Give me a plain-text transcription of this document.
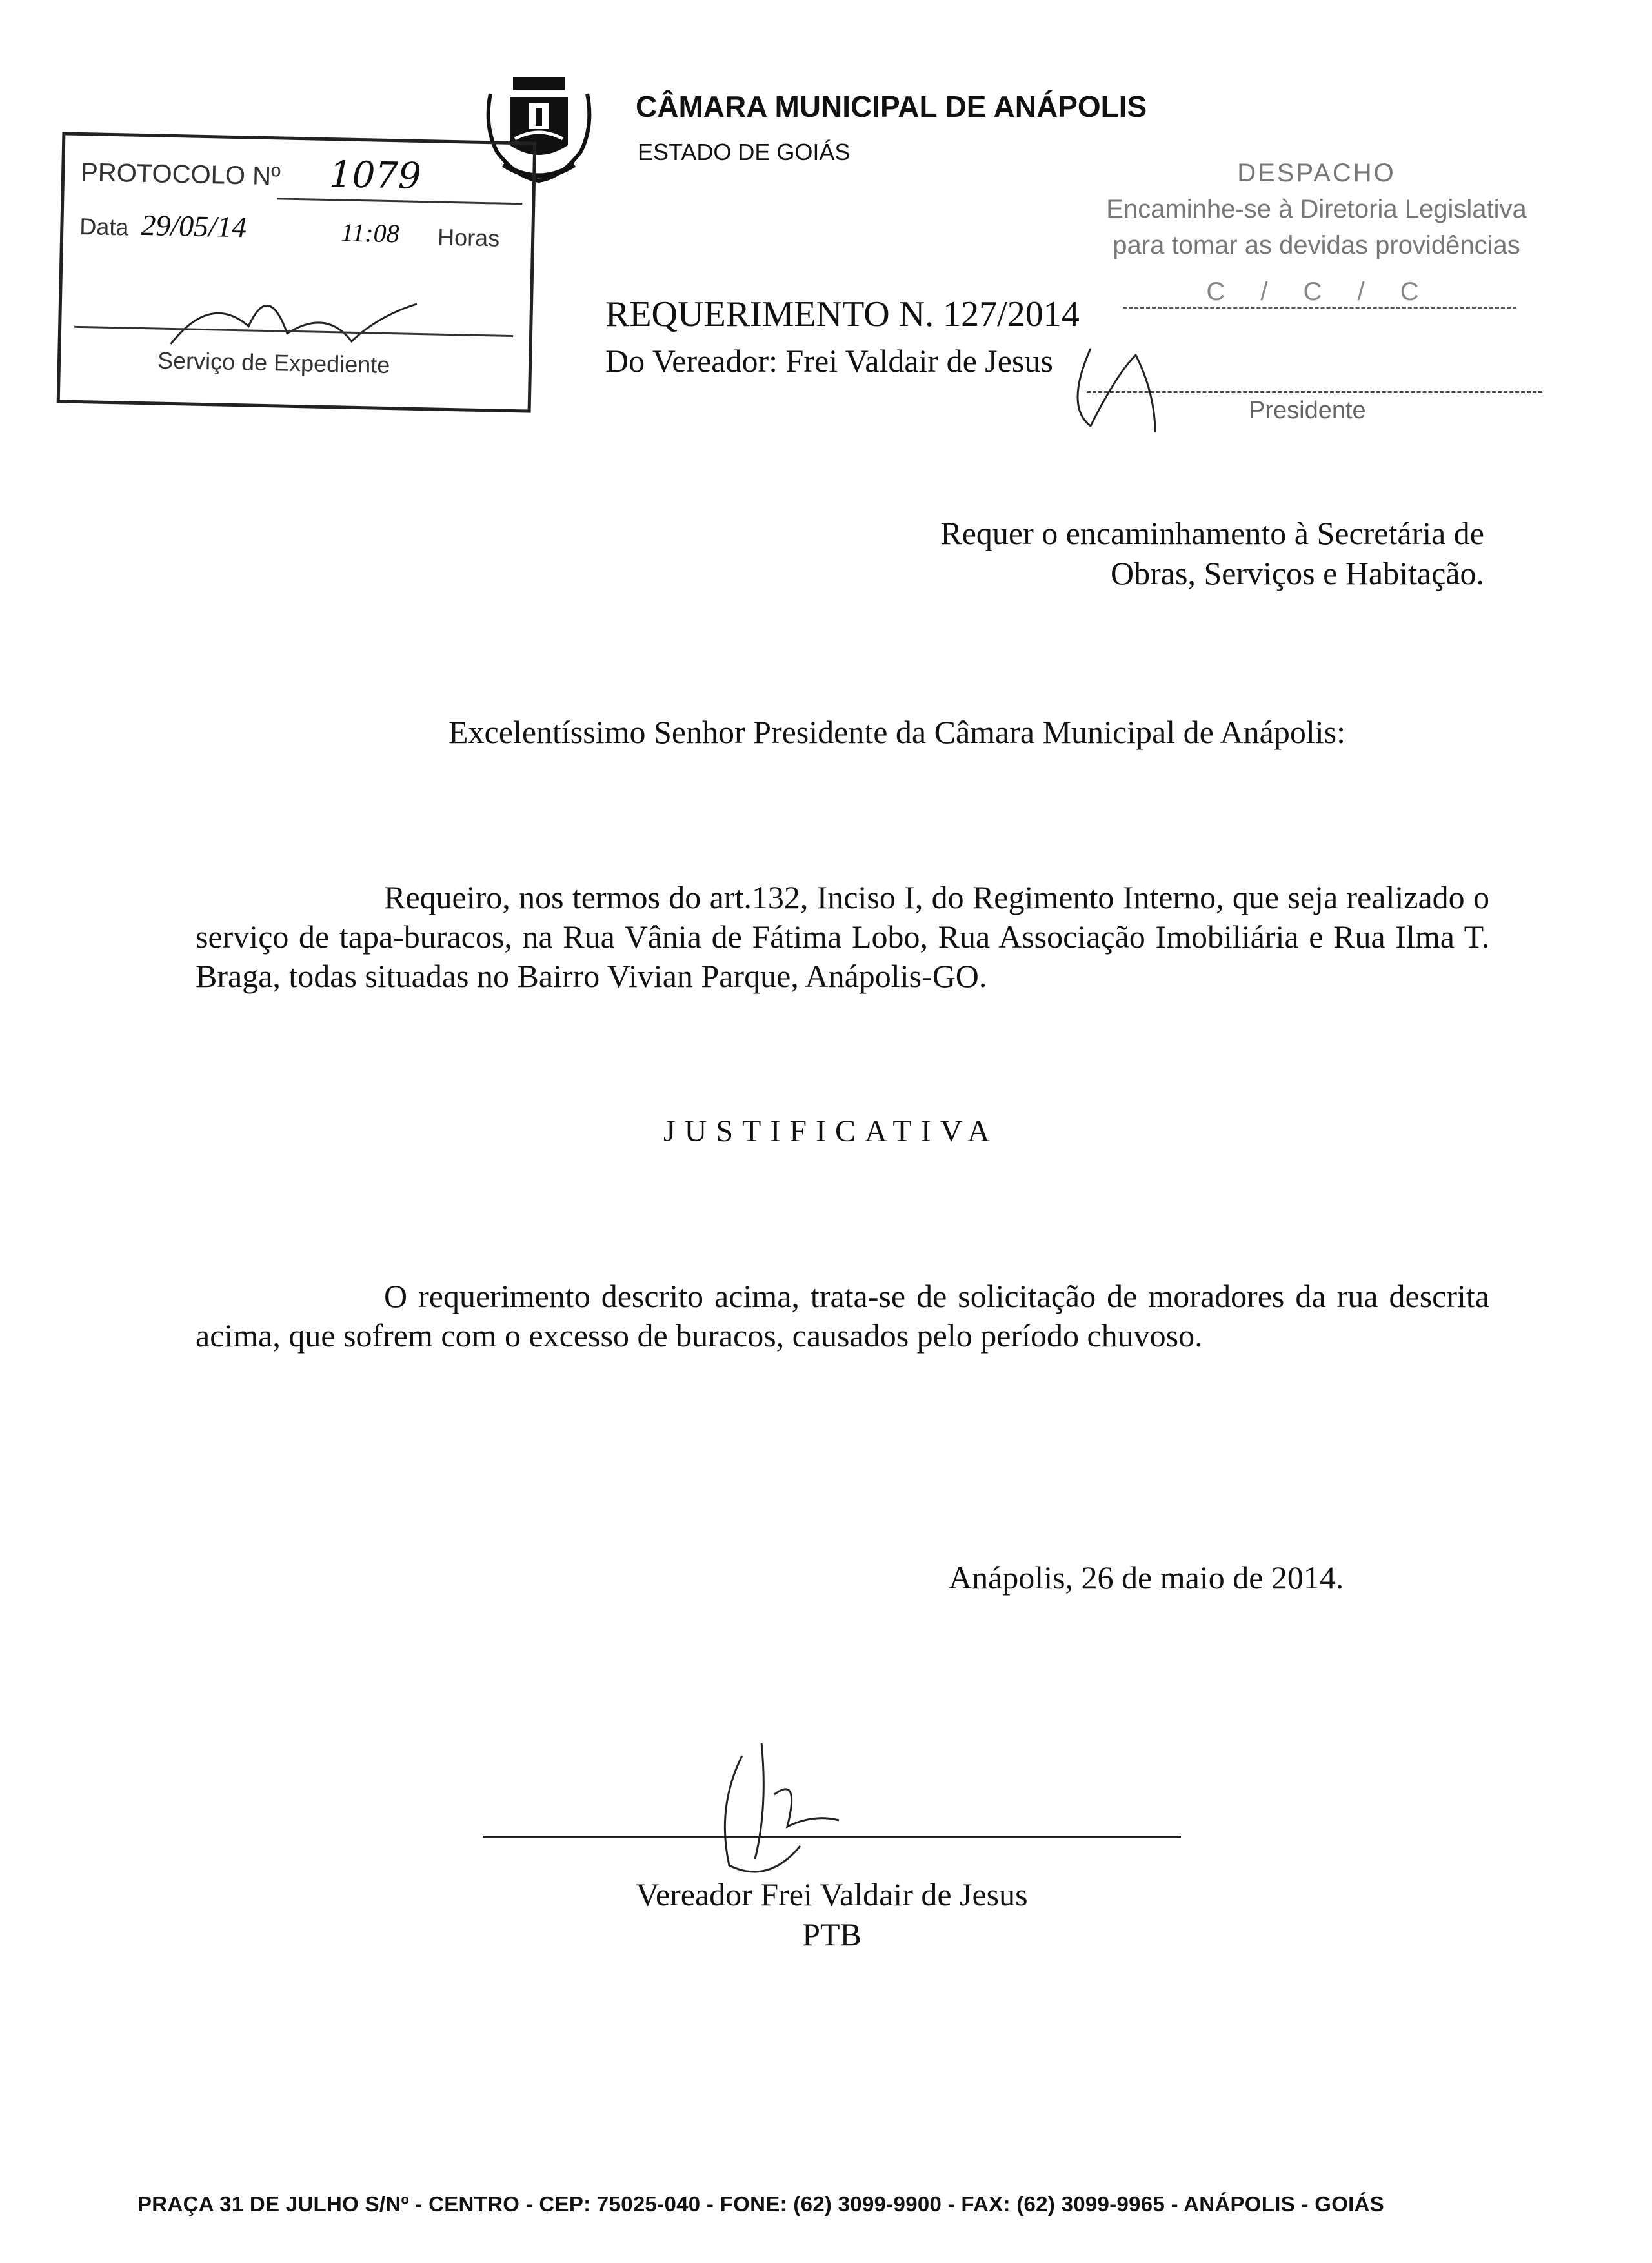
CÂMARA MUNICIPAL DE ANÁPOLIS
ESTADO DE GOIÁS
PROTOCOLO Nº 1079
Data 29/05/14	11:08 Horas
Serviço de Expediente
DESPACHO
Encaminhe-se à Diretoria Legislativa
para tomar as devidas providências
C / C / C
Presidente
REQUERIMENTO N. 127/2014
Do Vereador: Frei Valdair de Jesus
Requer o encaminhamento à Secretária de
Obras, Serviços e Habitação.
Excelentíssimo Senhor Presidente da Câmara Municipal de Anápolis:
Requeiro, nos termos do art.132, Inciso I, do Regimento Interno, que seja realizado o serviço de tapa-buracos, na Rua Vânia de Fátima Lobo, Rua Associação Imobiliária e Rua Ilma T. Braga, todas situadas no Bairro Vivian Parque, Anápolis-GO.
JUSTIFICATIVA
O requerimento descrito acima, trata-se de solicitação de moradores da rua descrita acima, que sofrem com o excesso de buracos, causados pelo período chuvoso.
Anápolis, 26 de maio de 2014.
Vereador Frei Valdair de Jesus
PTB
PRAÇA 31 DE JULHO S/Nº - CENTRO - CEP: 75025-040 - FONE: (62) 3099-9900 - FAX: (62) 3099-9965 - ANÁPOLIS - GOIÁS
